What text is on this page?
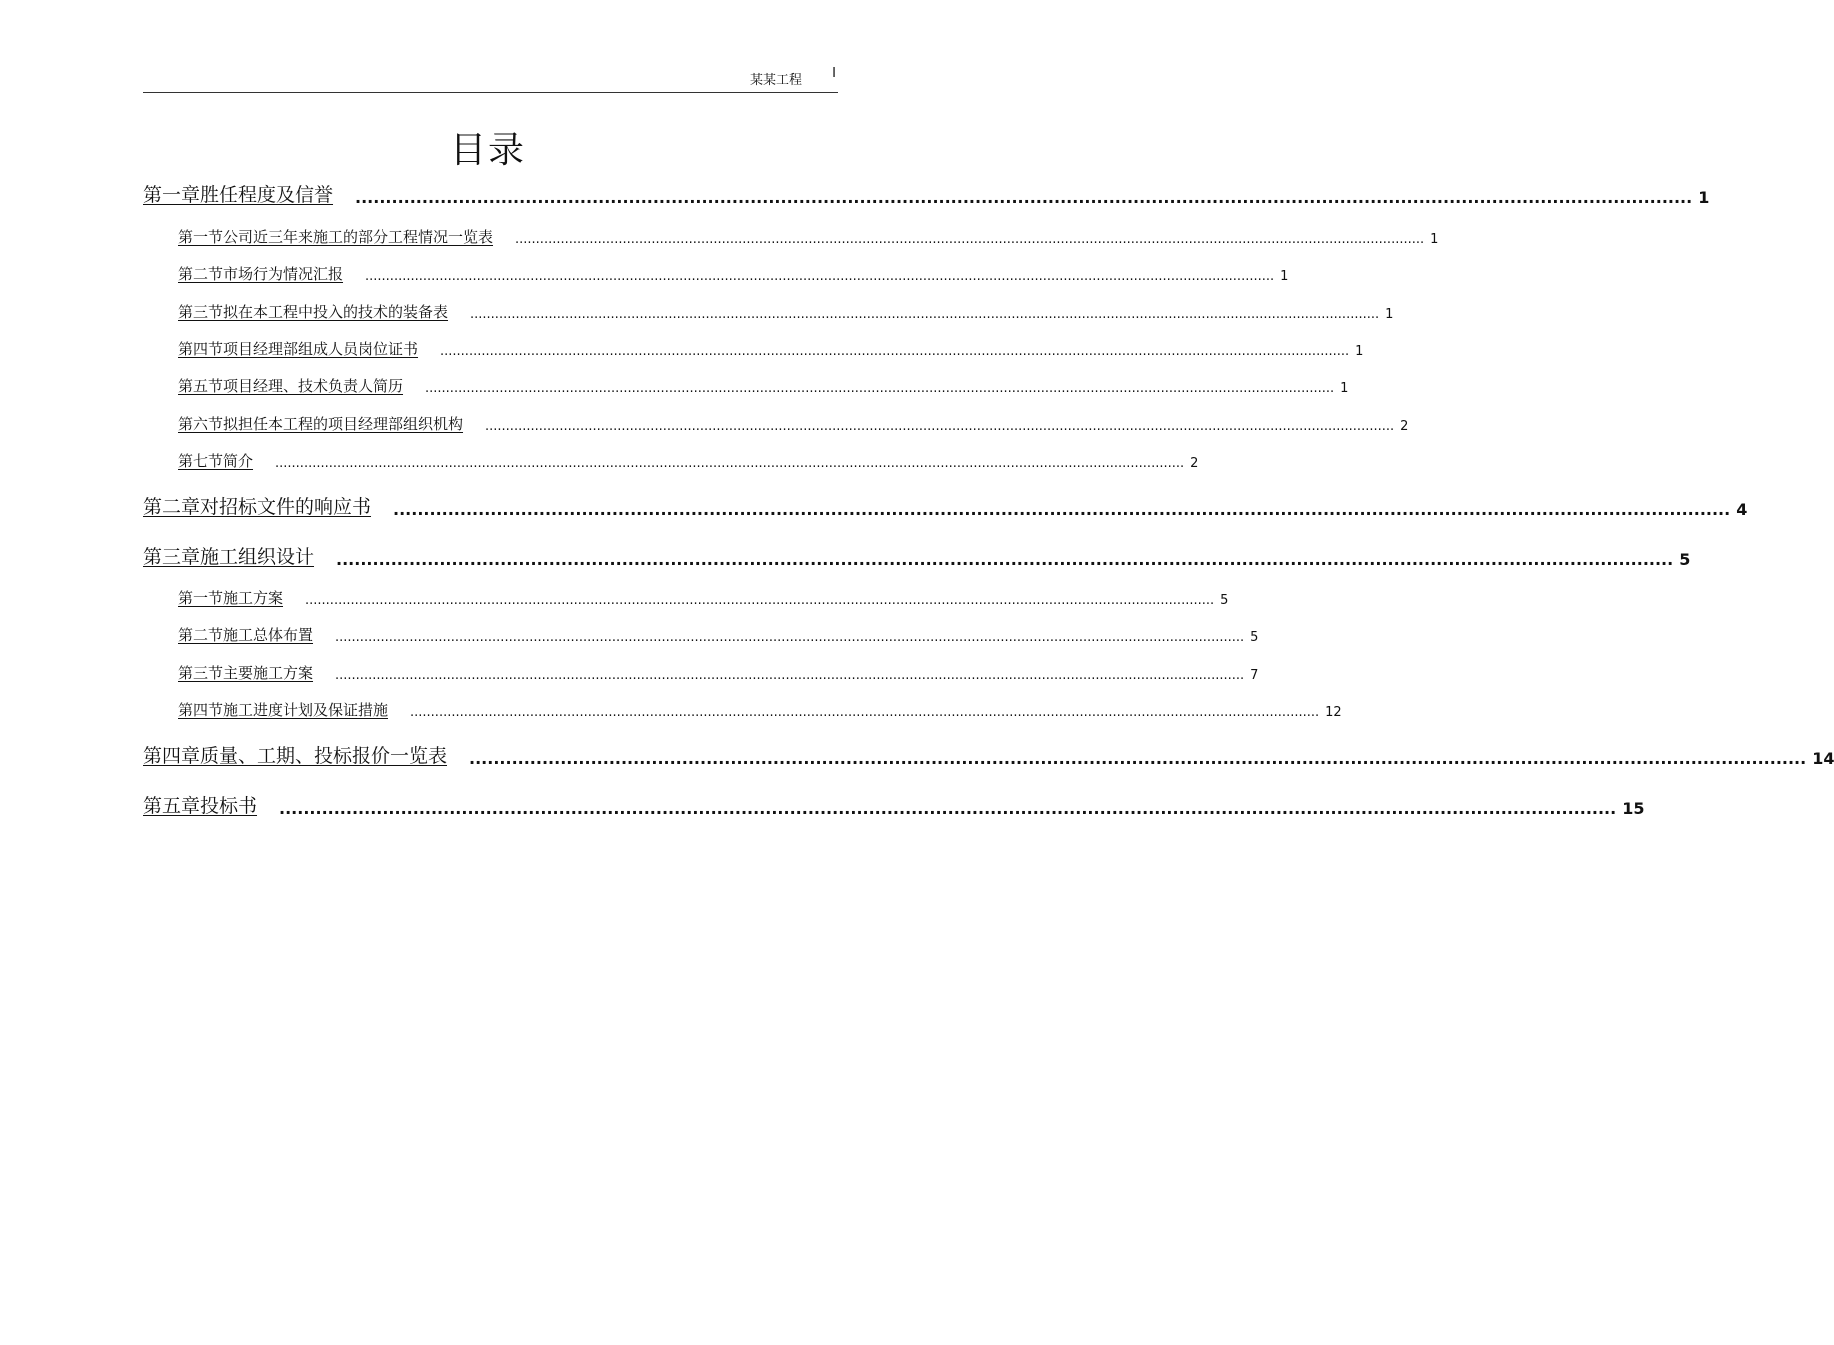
某某工程 I
目录
第一章胜任程度及信誉	............................................................................................................................................................................................................................ 1
第一节公司近三年来施工的部分工程情况一览表	............................................................................................................................................................................................................................ 1
第二节市场行为情况汇报	............................................................................................................................................................................................................................ 1
第三节拟在本工程中投入的技术的装备表	............................................................................................................................................................................................................................ 1
第四节项目经理部组成人员岗位证书	............................................................................................................................................................................................................................ 1
第五节项目经理、技术负责人简历	............................................................................................................................................................................................................................ 1
第六节拟担任本工程的项目经理部组织机构	............................................................................................................................................................................................................................ 2
第七节简介	............................................................................................................................................................................................................................ 2
第二章对招标文件的响应书	............................................................................................................................................................................................................................ 4
第三章施工组织设计	............................................................................................................................................................................................................................ 5
第一节施工方案	............................................................................................................................................................................................................................ 5
第二节施工总体布置	............................................................................................................................................................................................................................ 5
第三节主要施工方案	............................................................................................................................................................................................................................ 7
第四节施工进度计划及保证措施	............................................................................................................................................................................................................................ 12
第四章质量、工期、投标报价一览表	............................................................................................................................................................................................................................ 14
第五章投标书	............................................................................................................................................................................................................................ 15
